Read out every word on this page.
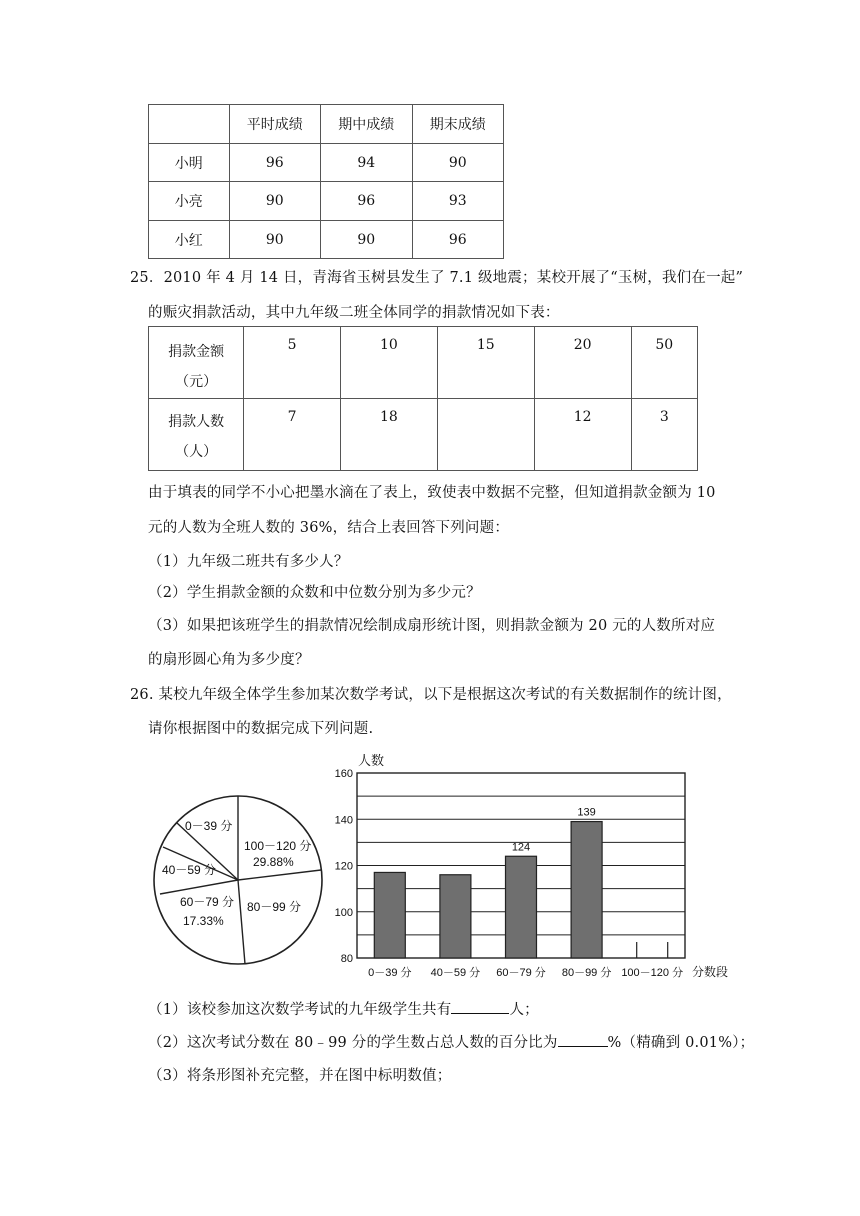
	平时成绩	期中成绩	期末成绩
小明	96	94	90
小亮	90	96	93
小红	90	90	96
25．2010 年 4 月 14 日，青海省玉树县发生了 7.1 级地震；某校开展了“玉树，我们在一起”
的赈灾捐款活动，其中九年级二班全体同学的捐款情况如下表：
捐款金额
（元）	5	10	15	20	50

捐款人数
（人）	7	18		12	3
由于填表的同学不小心把墨水滴在了表上，致使表中数据不完整，但知道捐款金额为 10
元的人数为全班人数的 36%，结合上表回答下列问题：
（1）九年级二班共有多少人？
（2）学生捐款金额的众数和中位数分别为多少元？
（3）如果把该班学生的捐款情况绘制成扇形统计图，则捐款金额为 20 元的人数所对应
的扇形圆心角为多少度？
26. 某校九年级全体学生参加某次数学考试，以下是根据这次考试的有关数据制作的统计图，
请你根据图中的数据完成下列问题.
0－39 分
100－120 分
29.88%
40－59 分
60－79 分
17.33%
80－99 分
80
100
120
140
160
0－39 分 40－59 分 60－79 分
124
80－99 分
139
100－120 分
人数
分数段
（1）该校参加这次数学考试的九年级学生共有	人；
（2）这次考试分数在 80﹣99 分的学生数占总人数的百分比为	%（精确到 0.01%）；
（3）将条形图补充完整，并在图中标明数值；
